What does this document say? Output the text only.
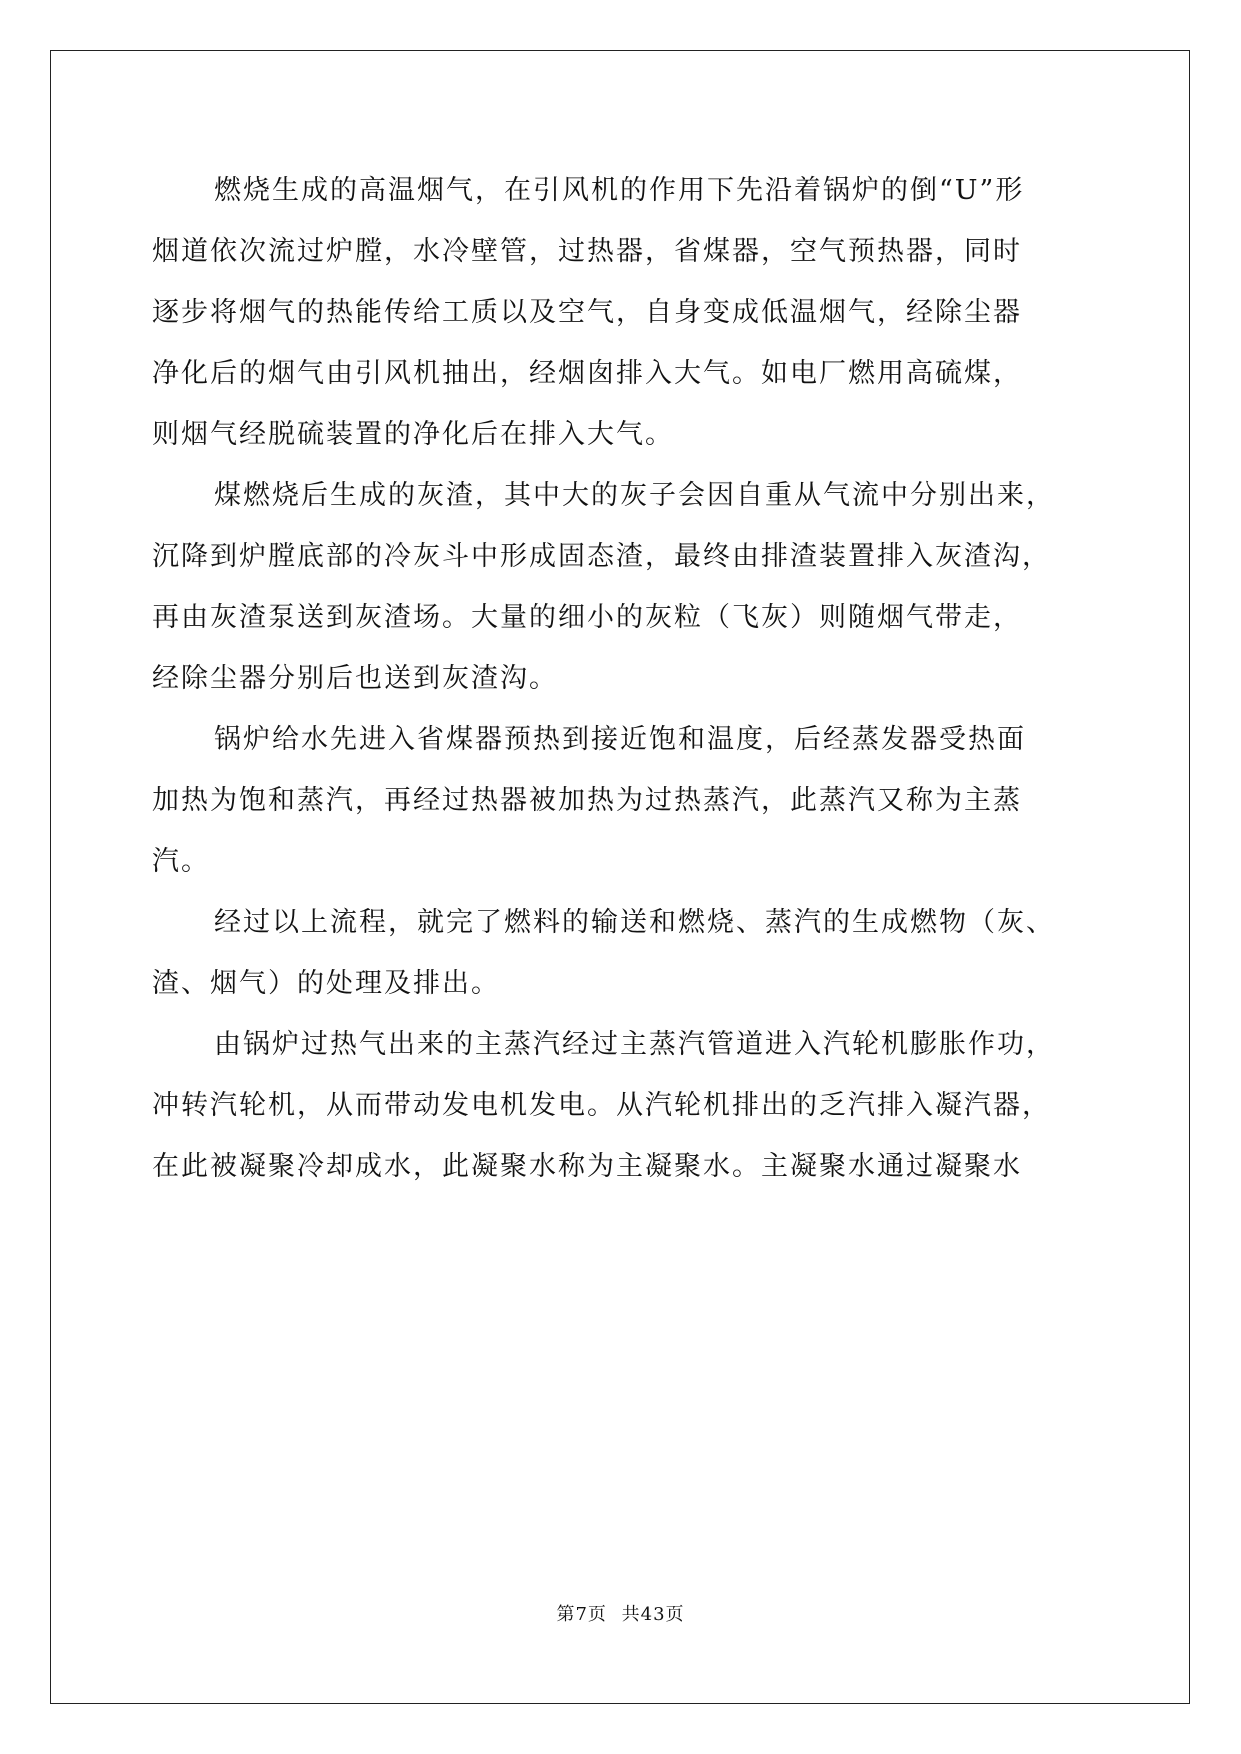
燃烧生成的高温烟气，在引风机的作用下先沿着锅炉的倒“U”形

烟道依次流过炉膛，水冷壁管，过热器，省煤器，空气预热器，同时

逐步将烟气的热能传给工质以及空气，自身变成低温烟气，经除尘器

净化后的烟气由引风机抽出，经烟囱排入大气。如电厂燃用高硫煤，

则烟气经脱硫装置的净化后在排入大气。

煤燃烧后生成的灰渣，其中大的灰子会因自重从气流中分别出来，

沉降到炉膛底部的冷灰斗中形成固态渣，最终由排渣装置排入灰渣沟，

再由灰渣泵送到灰渣场。大量的细小的灰粒（飞灰）则随烟气带走，

经除尘器分别后也送到灰渣沟。

锅炉给水先进入省煤器预热到接近饱和温度，后经蒸发器受热面

加热为饱和蒸汽，再经过热器被加热为过热蒸汽，此蒸汽又称为主蒸

汽。

经过以上流程，就完了燃料的输送和燃烧、蒸汽的生成燃物（灰、

渣、烟气）的处理及排出。

由锅炉过热气出来的主蒸汽经过主蒸汽管道进入汽轮机膨胀作功，

冲转汽轮机，从而带动发电机发电。从汽轮机排出的乏汽排入凝汽器，

在此被凝聚冷却成水，此凝聚水称为主凝聚水。主凝聚水通过凝聚水

第7页 共43页
